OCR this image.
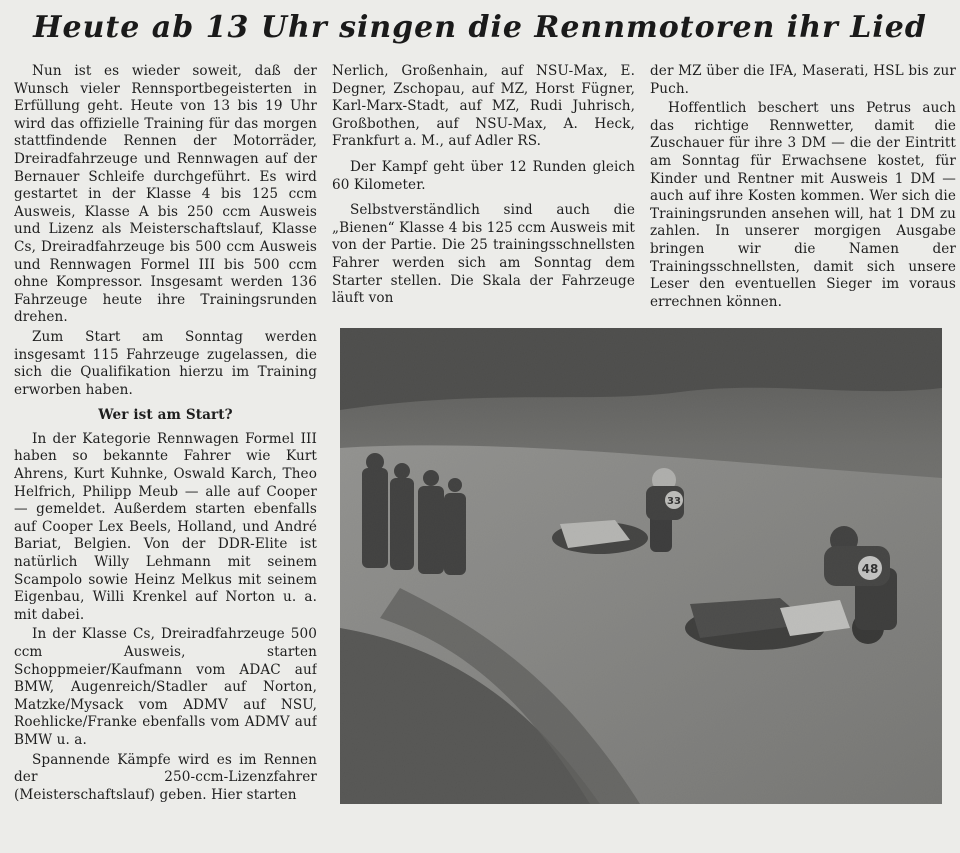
Heute ab 13 Uhr singen die Rennmotoren ihr Lied

Nun ist es wieder soweit, daß der Wunsch vieler Rennsportbegeisterten in Erfüllung geht. Heute von 13 bis 19 Uhr wird das offizielle Training für das morgen stattfindende Rennen der Motorräder, Dreiradfahrzeuge und Rennwagen auf der Bernauer Schleife durchgeführt. Es wird gestartet in der Klasse 4 bis 125 ccm Ausweis, Klasse A bis 250 ccm Ausweis und Lizenz als Meisterschaftslauf, Klasse Cs, Dreiradfahrzeuge bis 500 ccm Ausweis und Rennwagen Formel III bis 500 ccm ohne Kompressor. Insgesamt werden 136 Fahrzeuge heute ihre Trainingsrunden drehen.

Zum Start am Sonntag werden insgesamt 115 Fahrzeuge zugelassen, die sich die Qualifikation hierzu im Training erworben haben.

Wer ist am Start?

In der Kategorie Rennwagen Formel III haben so bekannte Fahrer wie Kurt Ahrens, Kurt Kuhnke, Oswald Karch, Theo Helfrich, Philipp Meub — alle auf Cooper — gemeldet. Außerdem starten ebenfalls auf Cooper Lex Beels, Holland, und André Bariat, Belgien. Von der DDR-Elite ist natürlich Willy Lehmann mit seinem Scampolo sowie Heinz Melkus mit seinem Eigenbau, Willi Krenkel auf Norton u. a. mit dabei.

In der Klasse Cs, Dreiradfahrzeuge 500 ccm Ausweis, starten Schoppmeier/Kaufmann vom ADAC auf BMW, Augenreich/Stadler auf Norton, Matzke/Mysack vom ADMV auf NSU, Roehlicke/Franke ebenfalls vom ADMV auf BMW u. a.

Spannende Kämpfe wird es im Rennen der 250-ccm-Lizenzfahrer (Meisterschaftslauf) geben. Hier starten

Nerlich, Großenhain, auf NSU-Max, E. Degner, Zschopau, auf MZ, Horst Fügner, Karl-Marx-Stadt, auf MZ, Rudi Juhrisch, Großbothen, auf NSU-Max, A. Heck, Frankfurt a. M., auf Adler RS.

Der Kampf geht über 12 Runden gleich 60 Kilometer.

Selbstverständlich sind auch die „Bienen“ Klasse 4 bis 125 ccm Ausweis mit von der Partie. Die 25 trainingsschnellsten Fahrer werden sich am Sonntag dem Starter stellen. Die Skala der Fahrzeuge läuft von

der MZ über die IFA, Maserati, HSL bis zur Puch.

Hoffentlich beschert uns Petrus auch das richtige Rennwetter, damit die Zuschauer für ihre 3 DM — die der Eintritt am Sonntag für Erwachsene kostet, für Kinder und Rentner mit Ausweis 1 DM — auch auf ihre Kosten kommen. Wer sich die Trainingsrunden ansehen will, hat 1 DM zu zahlen. In unserer morgigen Ausgabe bringen wir die Namen der Trainingsschnellsten, damit sich unsere Leser den eventuellen Sieger im voraus errechnen können.

33
48
